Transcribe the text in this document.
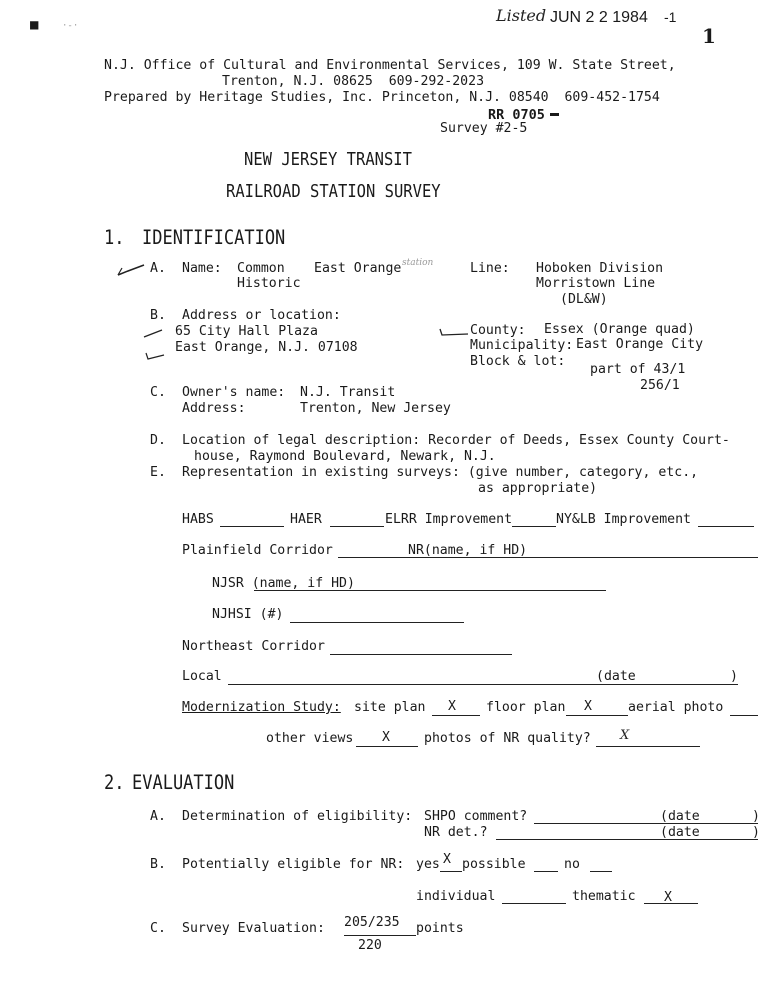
■	·-·
Listed JUN 2 2 1984 -1
1
N.J. Office of Cultural and Environmental Services, 109 W. State Street,
Trenton, N.J. 08625  609-292-2023
Prepared by Heritage Studies, Inc. Princeton, N.J. 08540  609-452-1754
RR 0705
Survey #2-5
NEW JERSEY TRANSIT
RAILROAD STATION SURVEY
1. IDENTIFICATION
A. Name: Common East Orange station
Historic
Line: Hoboken Division
Morristown Line
(DL&W)
B. Address or location:
65 City Hall Plaza
East Orange, N.J. 07108
County: Essex (Orange quad)
Municipality: East Orange City
Block & lot:
part of 43/1
256/1
C. Owner's name: N.J. Transit
Address:	Trenton, New Jersey
D. Location of legal description: Recorder of Deeds, Essex County Court-
house, Raymond Boulevard, Newark, N.J.
E. Representation in existing surveys: (give number, category, etc.,
as appropriate)
HABS	HAER	ELRR Improvement	NY&LB Improvement
Plainfield Corridor	NR(name, if HD)
NJSR (name, if HD)
NJHSI (#)
Northeast Corridor
Local	(date	)
Modernization Study: site plan X floor plan X	aerial photo
other views X	photos of NR quality? X
2. EVALUATION
A. Determination of eligibility: SHPO comment?	(date	)
NR det.?	(date	)
B. Potentially eligible for NR: yes X possible	no
individual	thematic X
C. Survey Evaluation: 205/235
220
points
